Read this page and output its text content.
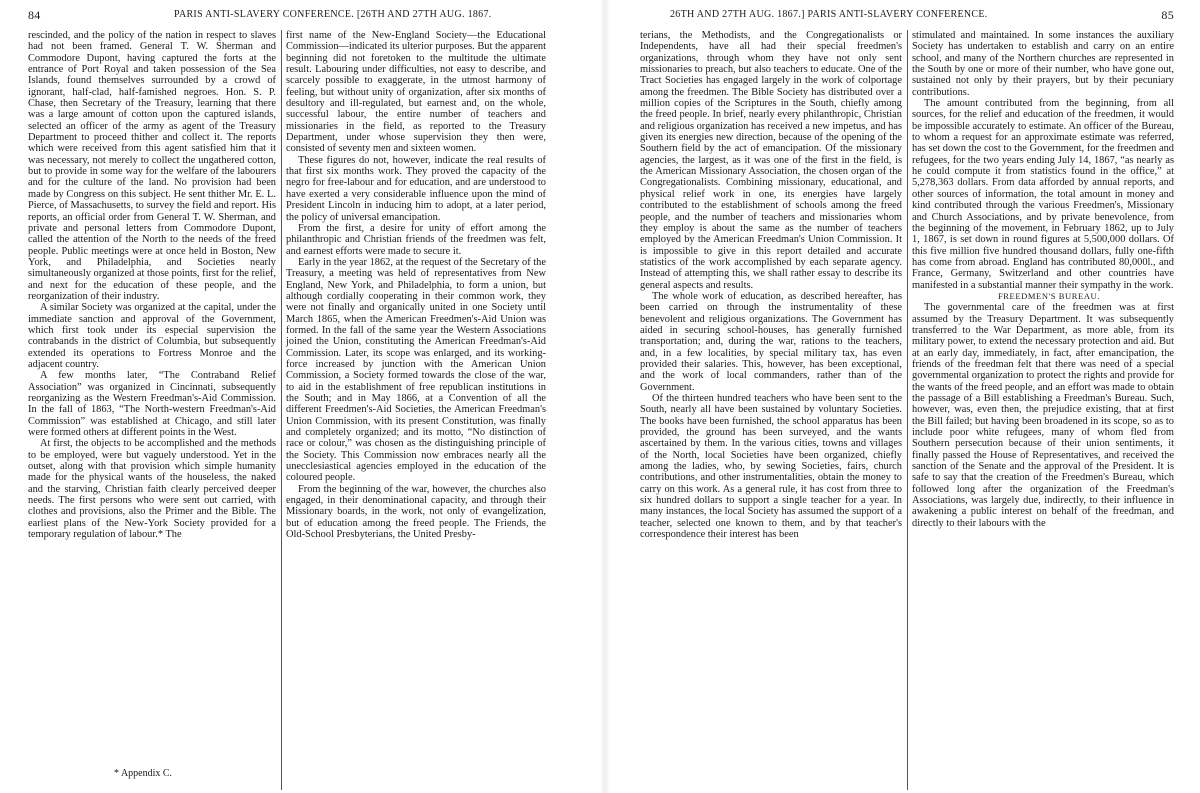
84	PARIS ANTI-SLAVERY CONFERENCE. [26TH AND 27TH AUG. 1867.

rescinded, and the policy of the nation in respect to slaves had not been framed. General T. W. Sherman and Commodore Dupont, having captured the forts at the entrance of Port Royal and taken possession of the Sea Islands, found themselves surrounded by a crowd of ignorant, half-clad, half-famished negroes. Hon. S. P. Chase, then Secretary of the Treasury, learning that there was a large amount of cotton upon the captured islands, selected an officer of the army as agent of the Treasury Department to proceed thither and collect it. The reports which were received from this agent satisfied him that it was necessary, not merely to collect the ungathered cotton, but to provide in some way for the welfare of the labourers and for the culture of the land. No provision had been made by Congress on this subject. He sent thither Mr. E. L. Pierce, of Massachusetts, to survey the field and report. His reports, an official order from General T. W. Sherman, and private and personal letters from Commodore Dupont, called the attention of the North to the needs of the freed people. Public meetings were at once held in Boston, New York, and Philadelphia, and Societies nearly simultaneously organized at those points, first for the relief, and next for the education of these people, and the reorganization of their industry.

A similar Society was organized at the capital, under the immediate sanction and approval of the Government, which first took under its especial supervision the contrabands in the district of Columbia, but subsequently extended its operations to Fortress Monroe and the adjacent country.

A few months later, “The Contraband Relief Association” was organized in Cincinnati, subsequently reorganizing as the Western Freedman's-Aid Commission. In the fall of 1863, “The North-western Freedman's-Aid Commission” was established at Chicago, and still later were formed others at different points in the West.

At first, the objects to be accomplished and the methods to be employed, were but vaguely understood. Yet in the outset, along with that provision which simple humanity made for the physical wants of the houseless, the naked and the starving, Christian faith clearly perceived deeper needs. The first persons who were sent out carried, with clothes and provisions, also the Primer and the Bible. The earliest plans of the New-York Society provided for a temporary regulation of labour.* The

first name of the New-England Society—the Educational Commission—indicated its ulterior purposes. But the apparent beginning did not foretoken to the multitude the ultimate result. Labouring under difficulties, not easy to describe, and scarcely possible to exaggerate, in the utmost harmony of feeling, but without unity of organization, after six months of desultory and ill-regulated, but earnest and, on the whole, successful labour, the entire number of teachers and missionaries in the field, as reported to the Treasury Department, under whose supervision they then were, consisted of seventy men and sixteen women.

These figures do not, however, indicate the real results of that first six months work. They proved the capacity of the negro for free-labour and for education, and are understood to have exerted a very considerable influence upon the mind of President Lincoln in inducing him to adopt, at a later period, the policy of universal emancipation.

From the first, a desire for unity of effort among the philanthropic and Christian friends of the freedmen was felt, and earnest efforts were made to secure it.

Early in the year 1862, at the request of the Secretary of the Treasury, a meeting was held of representatives from New England, New York, and Philadelphia, to form a union, but although cordially cooperating in their common work, they were not finally and organically united in one Society until March 1865, when the American Freedmen's-Aid Union was formed. In the fall of the same year the Western Associations joined the Union, constituting the American Freedman's-Aid Commission. Later, its scope was enlarged, and its working-force increased by junction with the American Union Commission, a Society formed towards the close of the war, to aid in the establishment of free republican institutions in the South; and in May 1866, at a Convention of all the different Freedmen's-Aid Societies, the American Freedman's Union Commission, with its present Constitution, was finally and completely organized; and its motto, “No distinction of race or colour,” was chosen as the distinguishing principle of the Society. This Commission now embraces nearly all the unecclesiastical agencies employed in the education of the coloured people.

From the beginning of the war, however, the churches also engaged, in their denominational capacity, and through their Missionary boards, in the work, not only of evangelization, but of education among the freed people. The Friends, the Old-School Presbyterians, the United Presby-

* Appendix C.
26TH AND 27TH AUG. 1867.] PARIS ANTI-SLAVERY CONFERENCE.	85

terians, the Methodists, and the Congregationalists or Independents, have all had their special freedmen's organizations, through whom they have not only sent missionaries to preach, but also teachers to educate. One of the Tract Societies has engaged largely in the work of colportage among the freedmen. The Bible Society has distributed over a million copies of the Scriptures in the South, chiefly among the freed people. In brief, nearly every philanthropic, Christian and religious organization has received a new impetus, and has given its energies new direction, because of the opening of the Southern field by the act of emancipation. Of the missionary agencies, the largest, as it was one of the first in the field, is the American Missionary Association, the chosen organ of the Congregationalists. Combining missionary, educational, and physical relief work in one, its energies have largely contributed to the establishment of schools among the freed people, and the number of teachers and missionaries whom they employ is about the same as the number of teachers employed by the American Freedman's Union Commission. It is impossible to give in this report detailed and accurate statistics of the work accomplished by each separate agency. Instead of attempting this, we shall rather essay to describe its general aspects and results.

The whole work of education, as described hereafter, has been carried on through the instrumentality of these benevolent and religious organizations. The Government has aided in securing school-houses, has generally furnished transportation; and, during the war, rations to the teachers, and, in a few localities, by special military tax, has even provided their salaries. This, however, has been exceptional, and the work of local commanders, rather than of the Government.

Of the thirteen hundred teachers who have been sent to the South, nearly all have been sustained by voluntary Societies. The books have been furnished, the school apparatus has been provided, the ground has been surveyed, and the wants ascertained by them. In the various cities, towns and villages of the North, local Societies have been organized, chiefly among the ladies, who, by sewing Societies, fairs, church contributions, and other instrumentalities, obtain the money to carry on this work. As a general rule, it has cost from three to six hundred dollars to support a single teacher for a year. In many instances, the local Society has assumed the support of a teacher, selected one known to them, and by that teacher's correspondence their interest has been

stimulated and maintained. In some instances the auxiliary Society has undertaken to establish and carry on an entire school, and many of the Northern churches are represented in the South by one or more of their number, who have gone out, sustained not only by their prayers, but by their pecuniary contributions.

The amount contributed from the beginning, from all sources, for the relief and education of the freedmen, it would be impossible accurately to estimate. An officer of the Bureau, to whom a request for an approximate estimate was referred, has set down the cost to the Government, for the freedmen and refugees, for the two years ending July 14, 1867, “as nearly as he could compute it from statistics found in the office,” at 5,278,363 dollars. From data afforded by annual reports, and other sources of information, the total amount in money and kind contributed through the various Freedmen's, Missionary and Church Associations, and by private benevolence, from the beginning of the movement, in February 1862, up to July 1, 1867, is set down in round figures at 5,500,000 dollars. Of this five million five hundred thousand dollars, fully one-fifth has come from abroad. England has contributed 80,000l., and France, Germany, Switzerland and other countries have manifested in a substantial manner their sympathy in the work.

FREEDMEN'S BUREAU.

The governmental care of the freedmen was at first assumed by the Treasury Department. It was subsequently transferred to the War Department, as more able, from its military power, to extend the necessary protection and aid. But at an early day, immediately, in fact, after emancipation, the friends of the freedman felt that there was need of a special governmental organization to protect the rights and provide for the wants of the freed people, and an effort was made to obtain the passage of a Bill establishing a Freedman's Bureau. Such, however, was, even then, the prejudice existing, that at first the Bill failed; but having been broadened in its scope, so as to include poor white refugees, many of whom fled from Southern persecution because of their union sentiments, it finally passed the House of Representatives, and received the sanction of the Senate and the approval of the President. It is safe to say that the creation of the Freedmen's Bureau, which followed long after the organization of the Freedman's Associations, was largely due, indirectly, to their influence in awakening a public interest on behalf of the freedman, and directly to their labours with the
